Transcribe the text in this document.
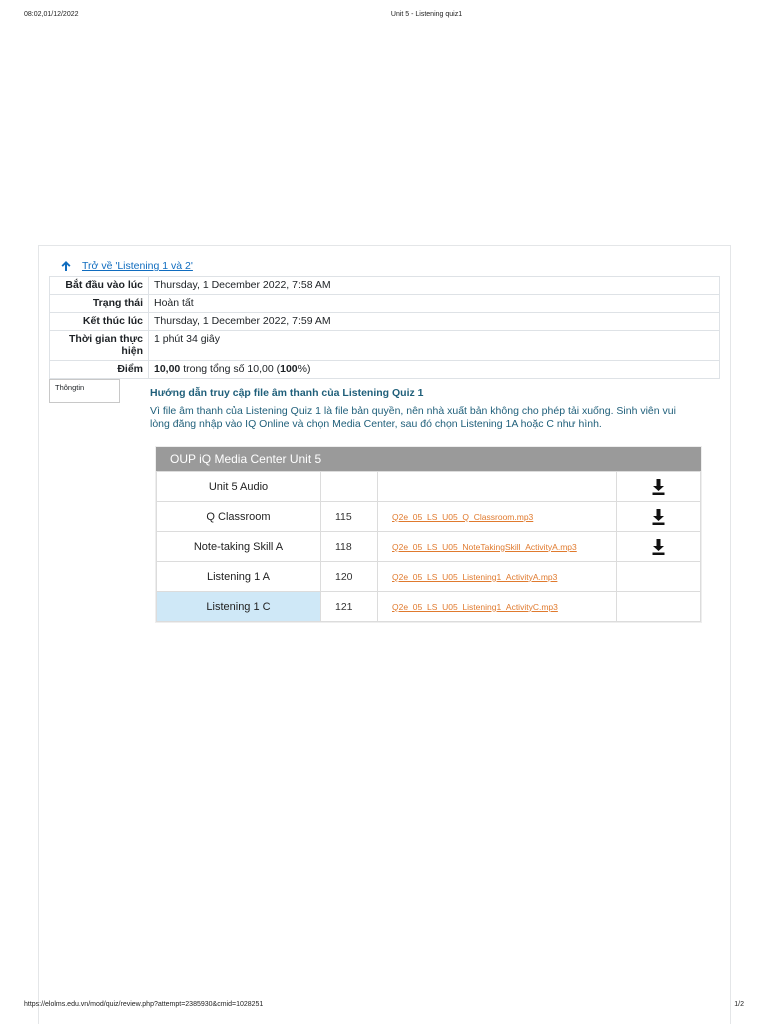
08:02,01/12/2022	Unit 5 - Listening quiz1
Trở về 'Listening 1 và 2'
Bắt đầu vào lúc	Thursday, 1 December 2022, 7:58 AM
Trạng thái	Hoàn tất
Kết thúc lúc	Thursday, 1 December 2022, 7:59 AM
Thời gian thực hiện	1 phút 34 giây
Điểm	10,00 trong tổng số 10,00 (100%)
Thôngtin	Hướng dẫn truy cập file âm thanh của Listening Quiz 1
Vì file âm thanh của Listening Quiz 1 là file bản quyền, nên nhà xuất bản không cho phép tải xuống. Sinh viên vui lòng đăng nhập vào IQ Online và chọn Media Center, sau đó chọn Listening 1A hoặc C như hình.
OUP iQ Media Center Unit 5
Unit 5 Audio			
Q Classroom	115	Q2e_05_LS_U05_Q_Classroom.mp3	
Note-taking Skill A	118	Q2e_05_LS_U05_NoteTakingSkill_ActivityA.mp3	
Listening 1 A	120	Q2e_05_LS_U05_Listening1_ActivityA.mp3	
Listening 1 C	121	Q2e_05_LS_U05_Listening1_ActivityC.mp3	

https://elolms.edu.vn/mod/quiz/review.php?attempt=2385930&cmid=1028251	1/2
